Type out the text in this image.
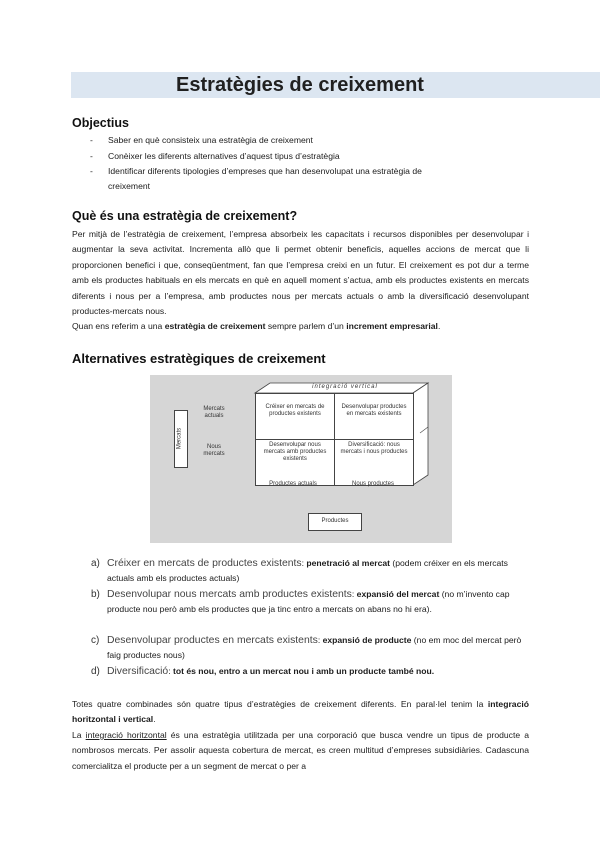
Estratègies de creixement
Objectius
- Saber en què consisteix una estratègia de creixement
- Conèixer les diferents alternatives d’aquest tipus d’estratègia
- Identificar diferents tipologies d’empreses que han desenvolupat una estratègia de creixement
Què és una estratègia de creixement?
Per mitjà de l’estratègia de creixement, l’empresa absorbeix les capacitats i recursos disponibles per desenvolupar i augmentar la seva activitat. Incrementa allò que li permet obtenir beneficis, aquelles accions de mercat que li proporcionen benefici i que, conseqüentment, fan que l’empresa creixi en un futur. El creixement es pot dur a terme amb els productes habituals en els mercats en què en aquell moment s’actua, amb els productes existents en mercats diferents i nous per a l’empresa, amb productes nous per mercats actuals o amb la diversificació desenvolupant productes-mercats nous.
Quan ens referim a una estratègia de creixement sempre parlem d’un increment empresarial.
Alternatives estratègiques de creixement
integració vertical
Mercats
Mercats actuals
Nous mercats
Créixer en mercats de productes existents
Desenvolupar productes en mercats existents
Desenvolupar nous mercats amb productes existents
Diversificació: nous mercats i nous productes
Productes actuals	Nous productes
Productes
a) Créixer en mercats de productes existents: penetració al mercat (podem créixer en els mercats actuals amb els productes actuals)
b) Desenvolupar nous mercats amb productes existents: expansió del mercat (no m’invento cap producte nou però amb els productes que ja tinc entro a mercats on abans no hi era).
c) Desenvolupar productes en mercats existents: expansió de producte (no em moc del mercat però faig productes nous)
d) Diversificació: tot és nou, entro a un mercat nou i amb un producte també nou.
Totes quatre combinades són quatre tipus d’estratègies de creixement diferents. En paral·lel tenim la integració horitzontal i vertical.
La integració horitzontal és una estratègia utilitzada per una corporació que busca vendre un tipus de producte a nombrosos mercats. Per assolir aquesta cobertura de mercat, es creen multitud d’empreses subsidiàries. Cadascuna comercialitza el producte per a un segment de mercat o per a
